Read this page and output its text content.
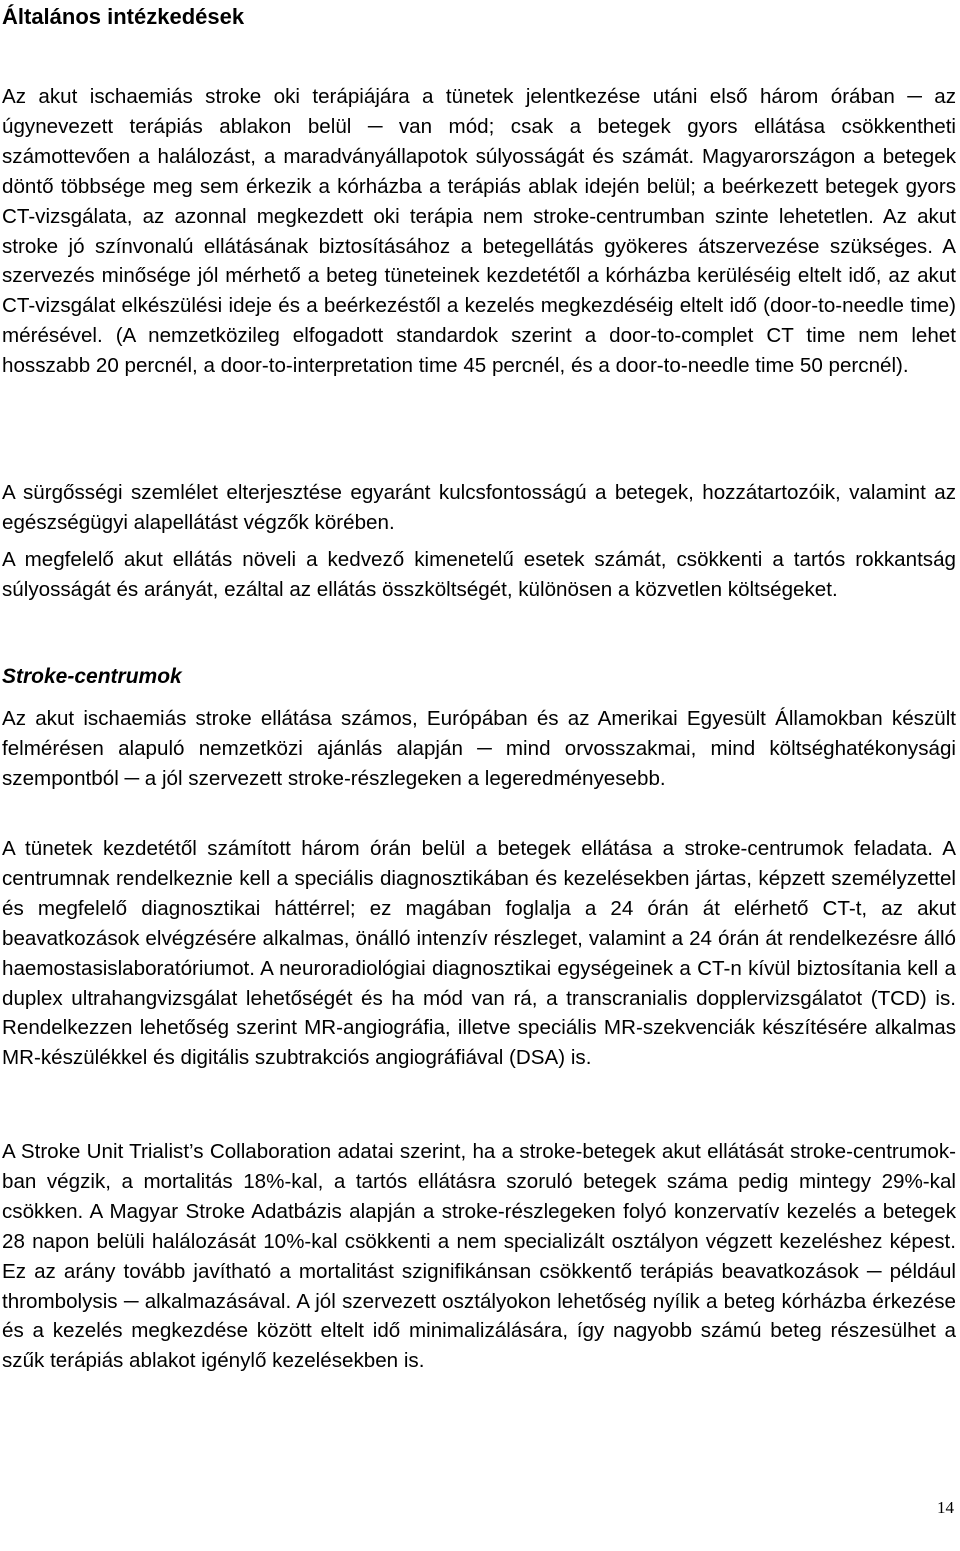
Általános intézkedések

Az akut ischaemiás stroke oki terápiájára a tünetek jelentkezése utáni első három órában ─ az úgynevezett terápiás ablakon belül ─ van mód; csak a betegek gyors ellátása csökkentheti számottevően a halálozást, a maradványállapotok súlyosságát és számát. Magyarországon a betegek döntő többsége meg sem érkezik a kórházba a terápiás ablak idején belül; a beérkezett betegek gyors CT-vizsgálata, az azonnal megkezdett oki terápia nem stroke-centrumban szinte lehetetlen. Az akut stroke jó színvonalú ellátásának biztosításához a betegellátás gyökeres átszervezése szükséges. A szervezés minősége jól mérhető a beteg tüneteinek kezdetétől a kórházba kerüléséig eltelt idő, az akut CT-vizsgálat elkészülési ideje és a beérkezéstől a kezelés megkezdéséig eltelt idő (door-to-needle time) mérésével. (A nemzetközileg elfogadott standardok szerint a door-to-complet CT time nem lehet hosszabb 20 percnél, a door-to-interpretation time 45 percnél, és a door-to-needle time 50 percnél).

A sürgősségi szemlélet elterjesztése egyaránt kulcsfontosságú a betegek, hozzátartozóik, valamint az egészségügyi alapellátást végzők körében.

A megfelelő akut ellátás növeli a kedvező kimenetelű esetek számát, csökkenti a tartós rokkantság súlyosságát és arányát, ezáltal az ellátás összköltségét, különösen a közvetlen költségeket.

Stroke-centrumok

Az akut ischaemiás stroke ellátása számos, Európában és az Amerikai Egyesült Államokban készült felmérésen alapuló nemzetközi ajánlás alapján ─ mind orvosszakmai, mind költséghatékonysági szempontból ─ a jól szervezett stroke-részlegeken a legeredményesebb.

A tünetek kezdetétől számított három órán belül a betegek ellátása a stroke-centrumok feladata. A centrumnak rendelkeznie kell a speciális diagnosztikában és kezelésekben jártas, képzett személyzettel és megfelelő diagnosztikai háttérrel; ez magában foglalja a 24 órán át elérhető CT-t, az akut beavatkozások elvégzésére alkalmas, önálló intenzív részleget, valamint a 24 órán át rendelkezésre álló haemostasislaboratóriumot. A neuroradiológiai diagnosztikai egységeinek a CT-n kívül biztosítania kell a duplex ultrahangvizsgálat lehetőségét és ha mód van rá, a transcranialis dopplervizsgálatot (TCD) is. Rendelkezzen lehetőség szerint MR-angiográfia, illetve speciális MR-szekvenciák készítésére alkalmas MR-készülékkel és digitális szubtrakciós angiográfiával (DSA) is.

A Stroke Unit Trialist’s Collaboration adatai szerint, ha a stroke-betegek akut ellátását stroke-centrumok-ban végzik, a mortalitás 18%-kal, a tartós ellátásra szoruló betegek száma pedig mintegy 29%-kal csökken. A Magyar Stroke Adatbázis alapján a stroke-részlegeken folyó konzervatív kezelés a betegek 28 napon belüli halálozását 10%-kal csökkenti a nem specializált osztályon végzett kezeléshez képest. Ez az arány tovább javítható a mortalitást szignifikánsan csökkentő terápiás beavatkozások ─ például thrombolysis ─ alkalmazásával. A jól szervezett osztályokon lehetőség nyílik a beteg kórházba érkezése és a kezelés megkezdése között eltelt idő minimalizálására, így nagyobb számú beteg részesülhet a szűk terápiás ablakot igénylő kezelésekben is.

14
